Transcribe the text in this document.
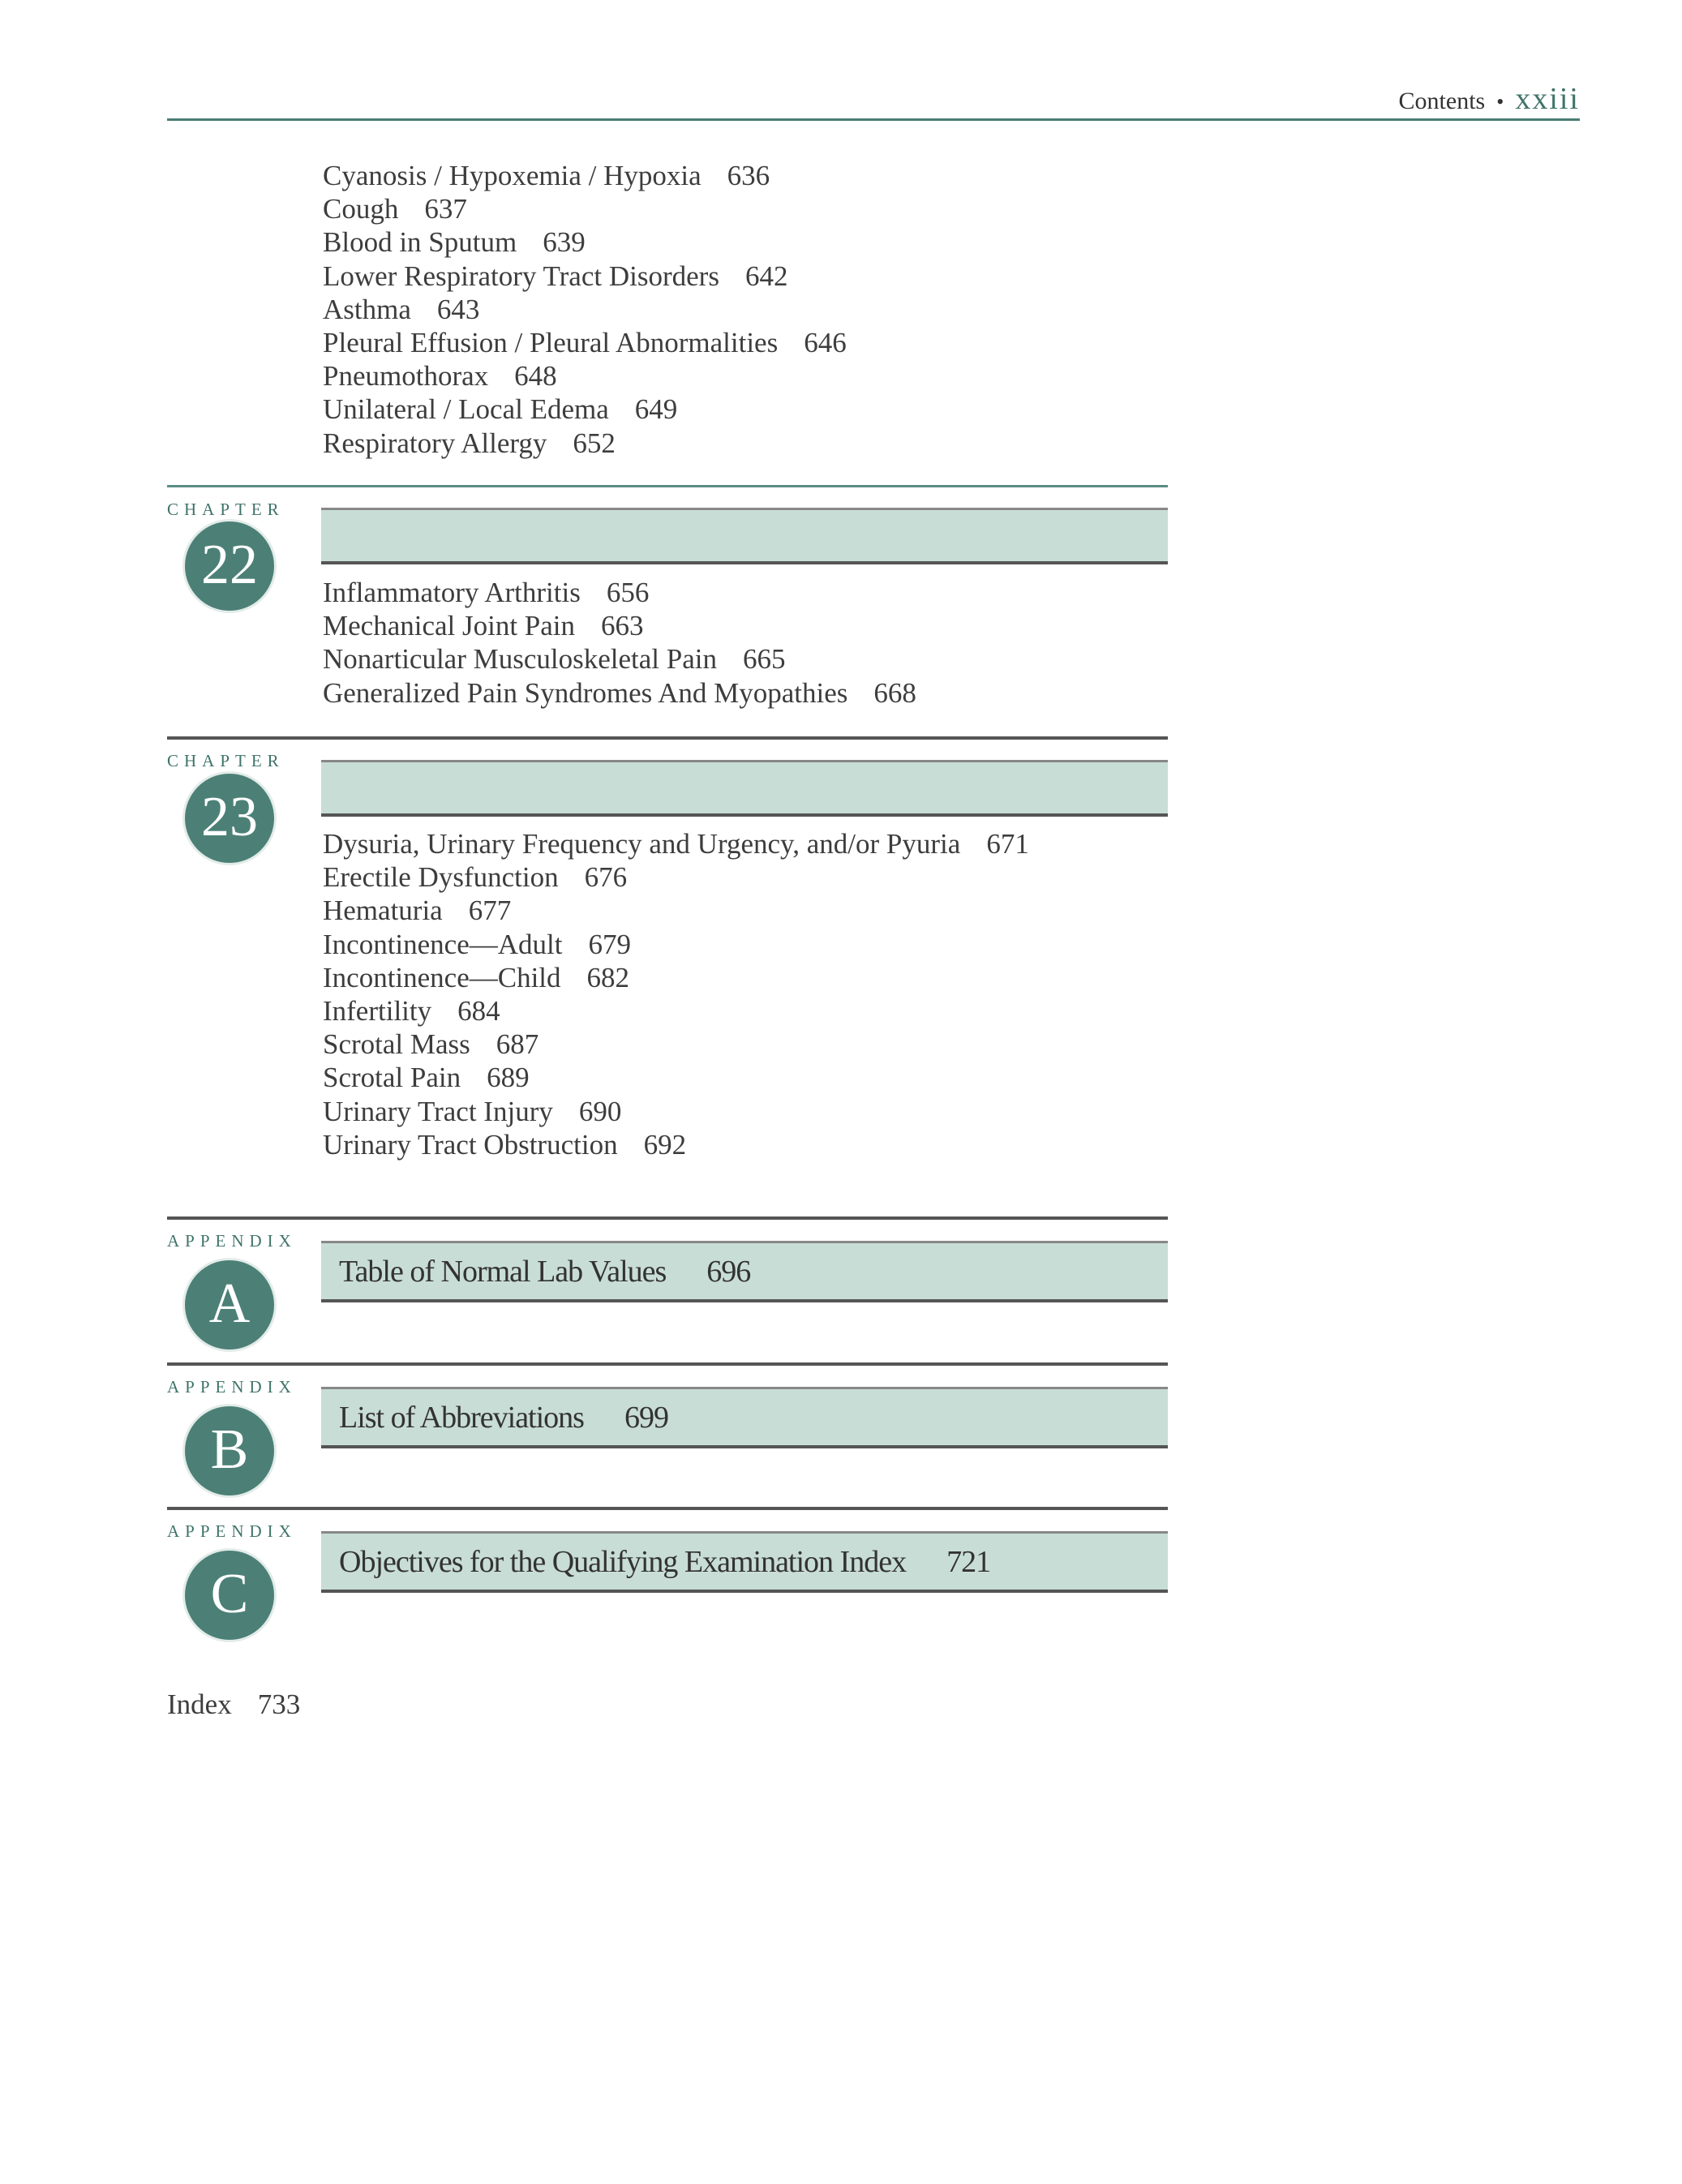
Contents • xxiii
Cyanosis / Hypoxemia / Hypoxia 636
Cough 637
Blood in Sputum 639
Lower Respiratory Tract Disorders 642
Asthma 643
Pleural Effusion / Pleural Abnormalities 646
Pneumothorax 648
Unilateral / Local Edema 649
Respiratory Allergy 652
CHAPTER
22	Inflammatory Arthritis 656
Mechanical Joint Pain 663
Nonarticular Musculoskeletal Pain 665
Generalized Pain Syndromes And Myopathies 668
CHAPTER
23	Dysuria, Urinary Frequency and Urgency, and/or Pyuria 671
Erectile Dysfunction 676
Hematuria 677
Incontinence—Adult 679
Incontinence—Child 682
Infertility 684
Scrotal Mass 687
Scrotal Pain 689
Urinary Tract Injury 690
Urinary Tract Obstruction 692
APPENDIX
A
Table of Normal Lab Values 696
APPENDIX
B
List of Abbreviations 699
APPENDIX
C
Objectives for the Qualifying Examination Index 721
Index 733
